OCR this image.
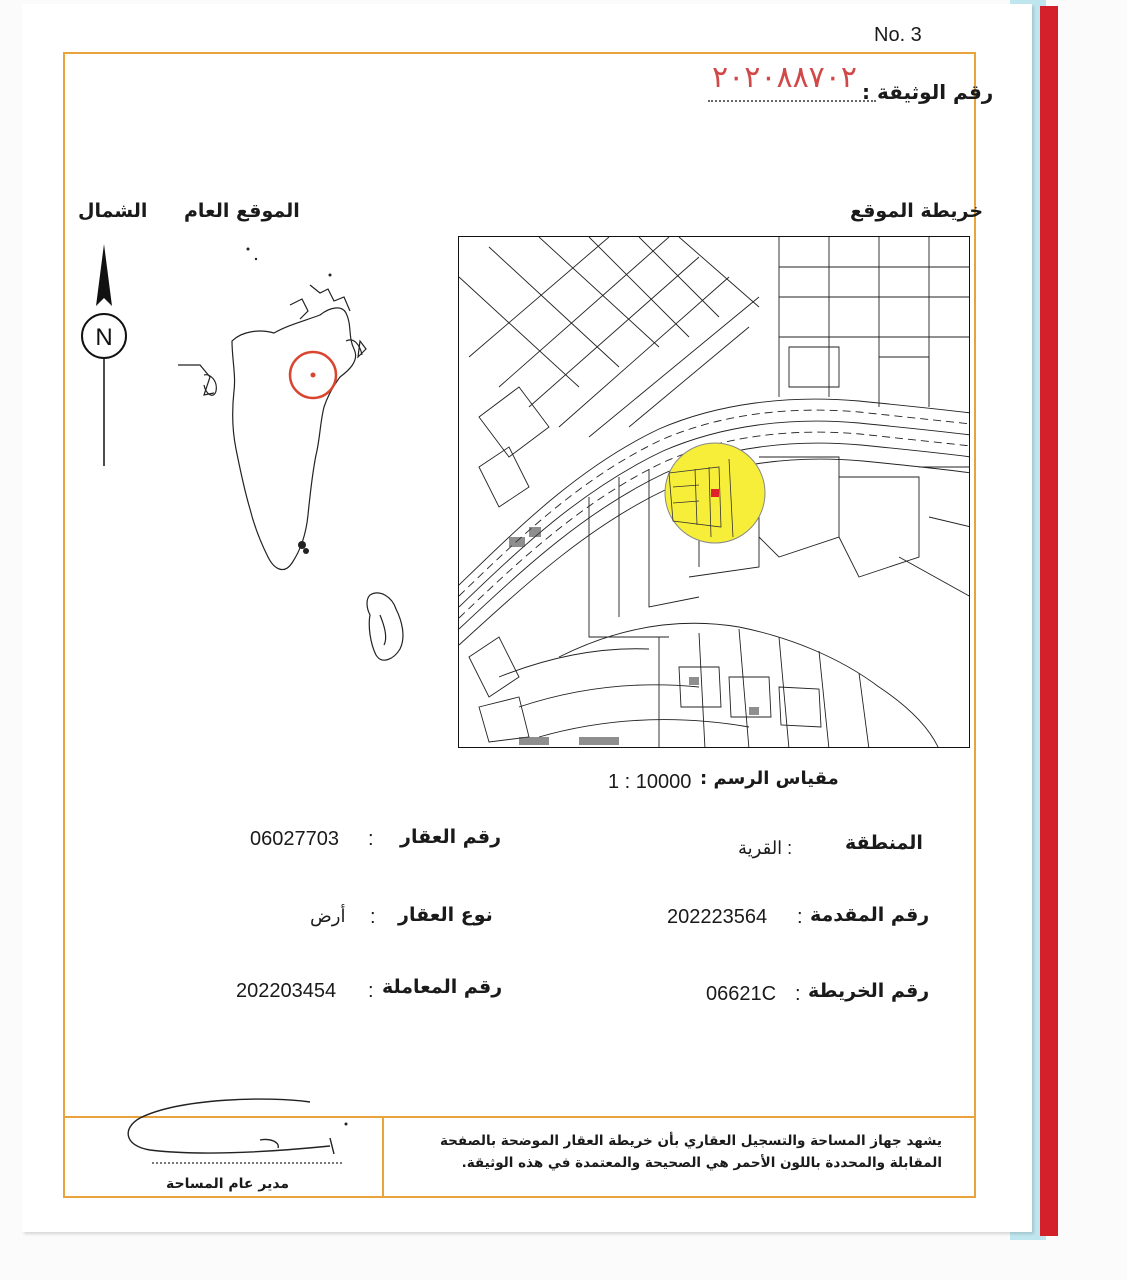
No. 3
رقم الوثيقة :
٢٠٢٠٨٨٧٠٢
خريطة الموقع
الموقع العام
الشمال
N
مقياس الرسم :
1 : 10000
المنطقة
: القرية
رقم المقدمة
:
202223564
رقم الخريطة
:
06621C
رقم العقار
:
06027703
نوع العقار
:
أرض
رقم المعاملة
:
202203454
يشهد جهاز المساحة والتسجيل العقاري بأن خريطة العقار الموضحة بالصفحة المقابلة والمحددة باللون الأحمر هي الصحيحة والمعتمدة في هذه الوثيقة.
مدير عام المساحة
